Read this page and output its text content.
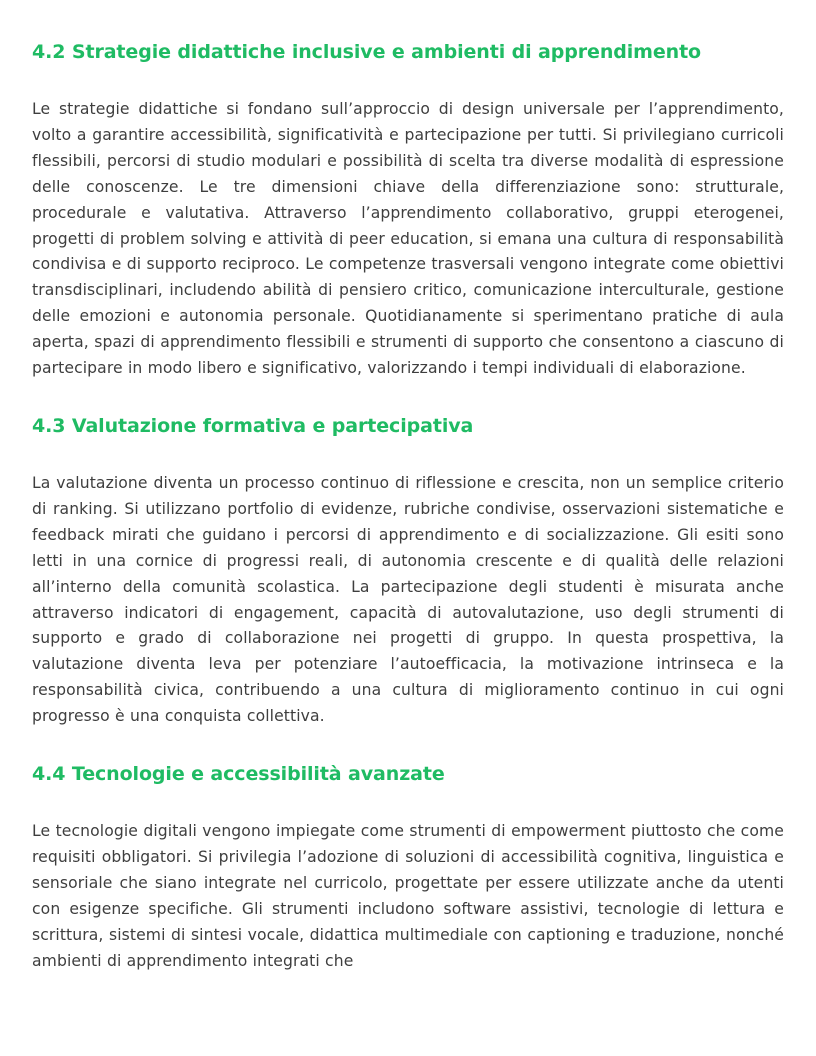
4.2 Strategie didattiche inclusive e ambienti di apprendimento

Le strategie didattiche si fondano sull’approccio di design universale per l’apprendimento, volto a garantire accessibilità, significatività e partecipazione per tutti. Si privilegiano curricoli flessibili, percorsi di studio modulari e possibilità di scelta tra diverse modalità di espressione delle conoscenze. Le tre dimensioni chiave della differenziazione sono: strutturale, procedurale e valutativa. Attraverso l’apprendimento collaborativo, gruppi eterogenei, progetti di problem solving e attività di peer education, si emana una cultura di responsabilità condivisa e di supporto reciproco. Le competenze trasversali vengono integrate come obiettivi transdisciplinari, includendo abilità di pensiero critico, comunicazione interculturale, gestione delle emozioni e autonomia personale. Quotidianamente si sperimentano pratiche di aula aperta, spazi di apprendimento flessibili e strumenti di supporto che consentono a ciascuno di partecipare in modo libero e significativo, valorizzando i tempi individuali di elaborazione.

4.3 Valutazione formativa e partecipativa

La valutazione diventa un processo continuo di riflessione e crescita, non un semplice criterio di ranking. Si utilizzano portfolio di evidenze, rubriche condivise, osservazioni sistematiche e feedback mirati che guidano i percorsi di apprendimento e di socializzazione. Gli esiti sono letti in una cornice di progressi reali, di autonomia crescente e di qualità delle relazioni all’interno della comunità scolastica. La partecipazione degli studenti è misurata anche attraverso indicatori di engagement, capacità di autovalutazione, uso degli strumenti di supporto e grado di collaborazione nei progetti di gruppo. In questa prospettiva, la valutazione diventa leva per potenziare l’autoefficacia, la motivazione intrinseca e la responsabilità civica, contribuendo a una cultura di miglioramento continuo in cui ogni progresso è una conquista collettiva.

4.4 Tecnologie e accessibilità avanzate

Le tecnologie digitali vengono impiegate come strumenti di empowerment piuttosto che come requisiti obbligatori. Si privilegia l’adozione di soluzioni di accessibilità cognitiva, linguistica e sensoriale che siano integrate nel curricolo, progettate per essere utilizzate anche da utenti con esigenze specifiche. Gli strumenti includono software assistivi, tecnologie di lettura e scrittura, sistemi di sintesi vocale, didattica multimediale con captioning e traduzione, nonché ambienti di apprendimento integrati che
